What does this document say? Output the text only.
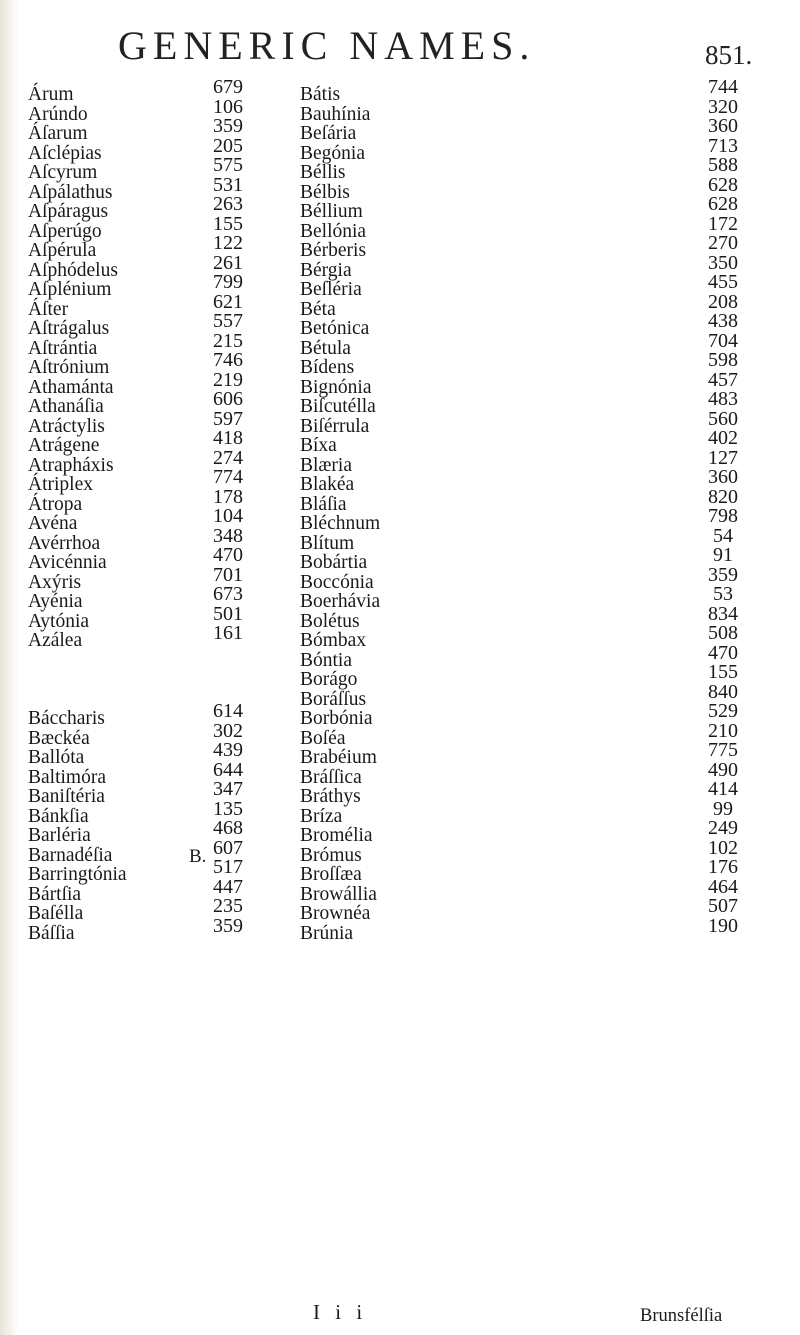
GENERIC NAMES.	851.
Árum
Arúndo
Áſarum
Aſclépias
Aſcyrum
Aſpálathus
Aſpáragus
Aſperúgo
Aſpérula
Aſphódelus
Aſplénium
Áſter
Aſtrágalus
Aſtrántia
Aſtrónium
Athamánta
Athanáſia
Atráctylis
Atrágene
Atrapháxis
Átriplex
Átropa
Avéna
Avérrhoa
Avicénnia
Axýris
Ayénia
Aytónia
Azálea
Báccharis
Bæckéa
Ballóta
Baltimóra
Baniſtéria
Bánkſia
Barléria
Barnadéſia
Barringtónia
Bártſia
Baſélla
Báſſia
679
106
359
205
575
531
263
155
122
261
799
621
557
215
746
219
606
597
418
274
774
178
104
348
470
701
673
501
161
614
302
439
644
347
135
468
607
517
447
235
359
B.
Bátis
Bauhínia
Beſária
Begónia
Béllis
Bélbis
Béllium
Bellónia
Bérberis
Bérgia
Beſléria
Béta
Betónica
Bétula
Bídens
Bignónia
Biſcutélla
Biſérrula
Bíxa
Blæria
Blakéa
Bláſia
Bléchnum
Blítum
Bobártia
Boccónia
Boerhávia
Bolétus
Bómbax
Bóntia
Borágo
Boráſſus
Borbónia
Boſéa
Brabéium
Bráſſica
Bráthys
Bríza
Bromélia
Brómus
Broſſæa
Browállia
Brownéa
Brúnia
744
320
360
713
588
628
628
172
270
350
455
208
438
704
598
457
483
560
402
127
360
820
798
54
91
359
53
834
508
470
155
840
529
210
775
490
414
99
249
102
176
464
507
190
I i i	Brunsfélſia
